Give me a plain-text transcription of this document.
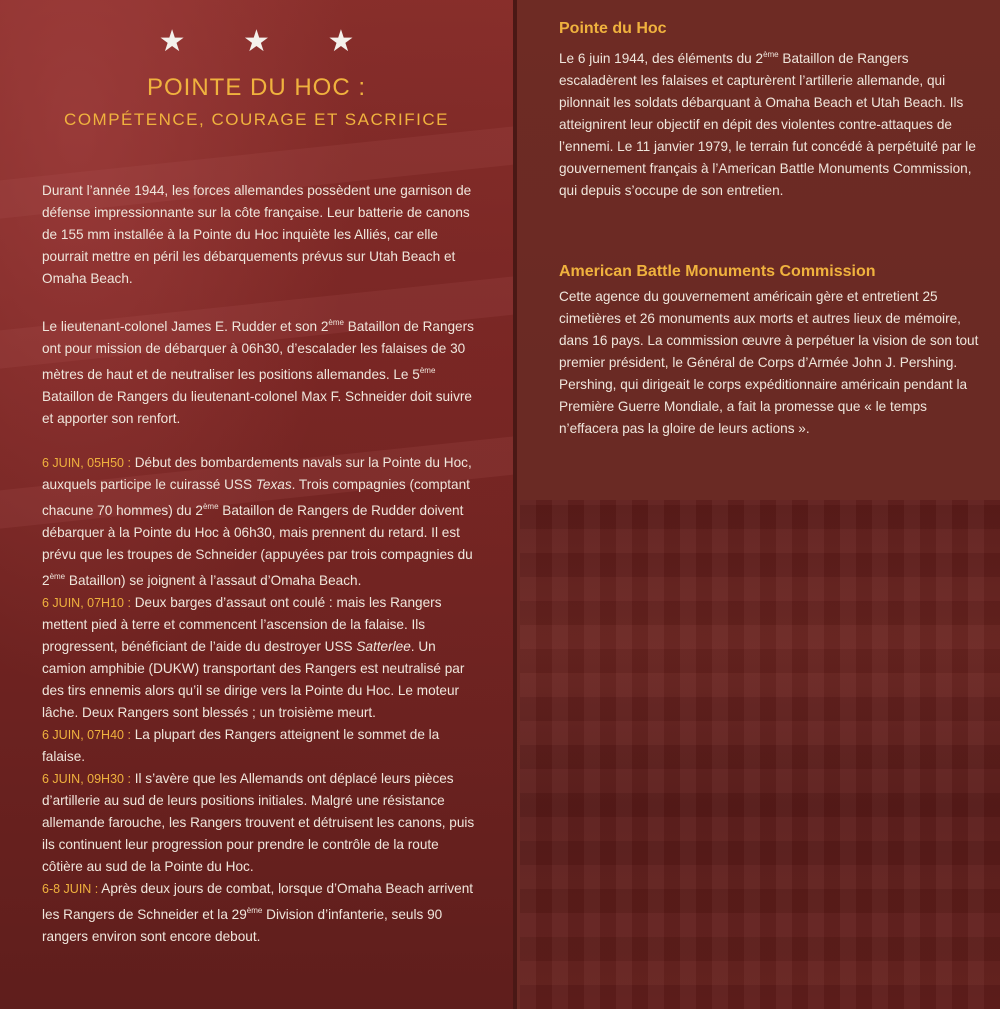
★ ★ ★
POINTE DU HOC :
COMPÉTENCE, COURAGE ET SACRIFICE

Durant l’année 1944, les forces allemandes possèdent une garnison de défense impressionnante sur la côte française. Leur batterie de canons de 155 mm installée à la Pointe du Hoc inquiète les Alliés, car elle pourrait mettre en péril les débarquements prévus sur Utah Beach et Omaha Beach.

Le lieutenant-colonel James E. Rudder et son 2ème Bataillon de Rangers ont pour mission de débarquer à 06h30, d’escalader les falaises de 30 mètres de haut et de neutraliser les positions allemandes. Le 5ème Bataillon de Rangers du lieutenant-colonel Max F. Schneider doit suivre et apporter son renfort.

6 JUIN, 05H50 : Début des bombardements navals sur la Pointe du Hoc, auxquels participe le cuirassé USS Texas. Trois compagnies (comptant chacune 70 hommes) du 2ème Bataillon de Rangers de Rudder doivent débarquer à la Pointe du Hoc à 06h30, mais prennent du retard. Il est prévu que les troupes de Schneider (appuyées par trois compagnies du 2ème Bataillon) se joignent à l’assaut d’Omaha Beach.

6 JUIN, 07H10 : Deux barges d’assaut ont coulé : mais les Rangers mettent pied à terre et commencent l’ascension de la falaise. Ils progressent, bénéficiant de l’aide du destroyer USS Satterlee. Un camion amphibie (DUKW) transportant des Rangers est neutralisé par des tirs ennemis alors qu’il se dirige vers la Pointe du Hoc. Le moteur lâche. Deux Rangers sont blessés ; un troisième meurt.

6 JUIN, 07H40 : La plupart des Rangers atteignent le sommet de la falaise.

6 JUIN, 09H30 : Il s’avère que les Allemands ont déplacé leurs pièces d’artillerie au sud de leurs positions initiales. Malgré une résistance allemande farouche, les Rangers trouvent et détruisent les canons, puis ils continuent leur progression pour prendre le contrôle de la route côtière au sud de la Pointe du Hoc.

6-8 JUIN : Après deux jours de combat, lorsque d’Omaha Beach arrivent les Rangers de Schneider et la 29ème Division d’infanterie, seuls 90 rangers environ sont encore debout.

Pointe du Hoc
Le 6 juin 1944, des éléments du 2ème Bataillon de Rangers escaladèrent les falaises et capturèrent l’artillerie allemande, qui pilonnait les soldats débarquant à Omaha Beach et Utah Beach. Ils atteignirent leur objectif en dépit des violentes contre-attaques de l’ennemi. Le 11 janvier 1979, le terrain fut concédé à perpétuité par le gouvernement français à l’American Battle Monuments Commission, qui depuis s’occupe de son entretien.
American Battle Monuments Commission
Cette agence du gouvernement américain gère et entretient 25 cimetières et 26 monuments aux morts et autres lieux de mémoire, dans 16 pays. La commission œuvre à perpétuer la vision de son tout premier président, le Général de Corps d’Armée John J. Pershing. Pershing, qui dirigeait le corps expéditionnaire américain pendant la Première Guerre Mondiale, a fait la promesse que « le temps n’effacera pas la gloire de leurs actions ».
